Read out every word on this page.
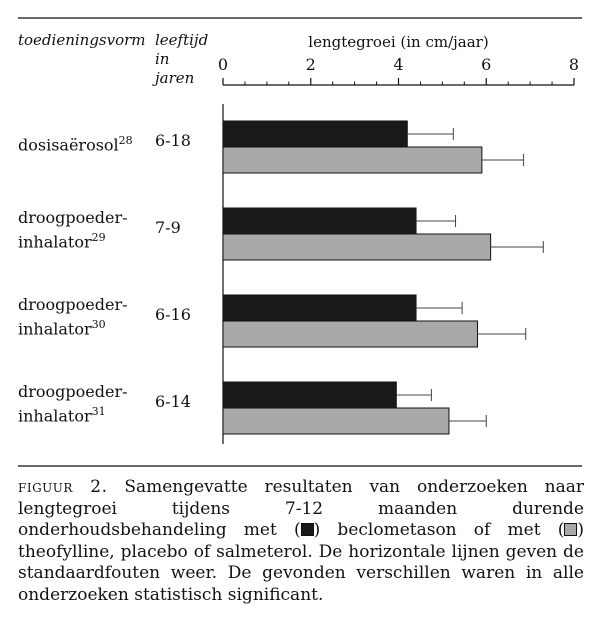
lengtegroei (in cm/jaar)
0	2	4	6	8
toedieningsvorm leeftijd
in
jaren
dosisaërosol$^{28}$ 6-18
droogpoeder-
inhalator$^{29}$
7-9
droogpoeder-
inhalator$^{30}$
6-16
droogpoeder-
inhalator$^{31}$
6-14
figuur 2. Samengevatte resultaten van onderzoeken naar lengtegroei tijdens 7-12 maanden durende onderhoudsbehandeling met ( ) beclometason of met ( ) theofylline, placebo of salmeterol. De horizontale lijnen geven de standaardfouten weer. De gevonden verschillen waren in alle onderzoeken statistisch significant.
